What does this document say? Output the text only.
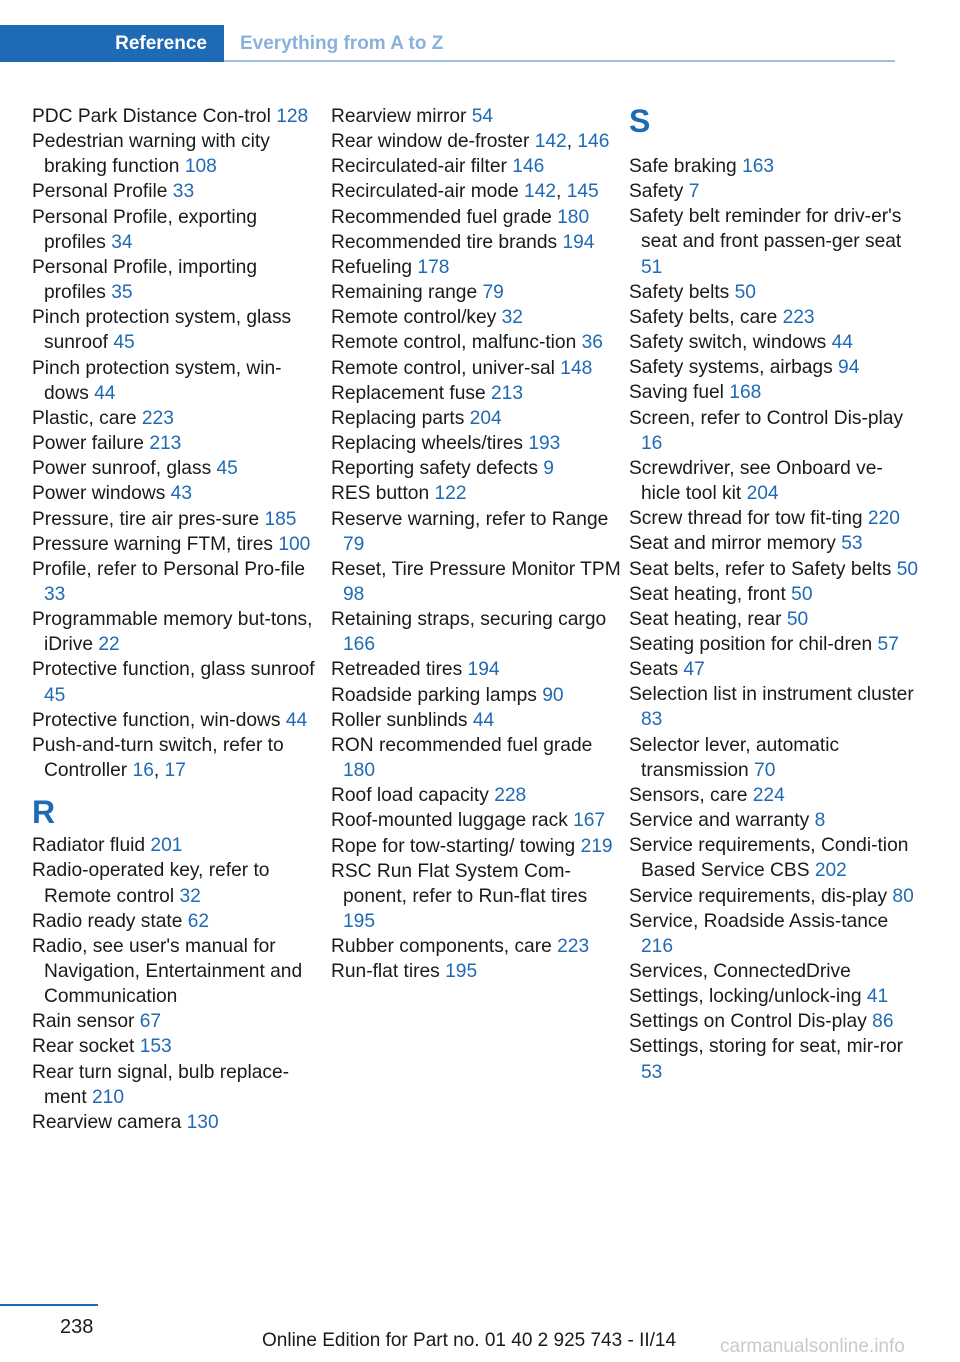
Reference	Everything from A to Z
PDC Park Distance Con-trol 128
Pedestrian warning with city braking function 108
Personal Profile 33
Personal Profile, exporting profiles 34
Personal Profile, importing profiles 35
Pinch protection system, glass sunroof 45
Pinch protection system, win-dows 44
Plastic, care 223
Power failure 213
Power sunroof, glass 45
Power windows 43
Pressure, tire air pres-sure 185
Pressure warning FTM, tires 100
Profile, refer to Personal Pro-file 33
Programmable memory but-tons, iDrive 22
Protective function, glass sunroof 45
Protective function, win-dows 44
Push-and-turn switch, refer to Controller 16, 17
R
Radiator fluid 201
Radio-operated key, refer to Remote control 32
Radio ready state 62
Radio, see user's manual for Navigation, Entertainment and Communication
Rain sensor 67
Rear socket 153
Rear turn signal, bulb replace-ment 210
Rearview camera 130
Rearview mirror 54
Rear window de-froster 142, 146
Recirculated-air filter 146
Recirculated-air mode 142, 145
Recommended fuel grade 180
Recommended tire brands 194
Refueling 178
Remaining range 79
Remote control/key 32
Remote control, malfunc-tion 36
Remote control, univer-sal 148
Replacement fuse 213
Replacing parts 204
Replacing wheels/tires 193
Reporting safety defects 9
RES button 122
Reserve warning, refer to Range 79
Reset, Tire Pressure Monitor TPM 98
Retaining straps, securing cargo 166
Retreaded tires 194
Roadside parking lamps 90
Roller sunblinds 44
RON recommended fuel grade 180
Roof load capacity 228
Roof-mounted luggage rack 167
Rope for tow-starting/ towing 219
RSC Run Flat System Com-ponent, refer to Run-flat tires 195
Rubber components, care 223
Run-flat tires 195
S
Safe braking 163
Safety 7
Safety belt reminder for driv-er's seat and front passen-ger seat 51
Safety belts 50
Safety belts, care 223
Safety switch, windows 44
Safety systems, airbags 94
Saving fuel 168
Screen, refer to Control Dis-play 16
Screwdriver, see Onboard ve-hicle tool kit 204
Screw thread for tow fit-ting 220
Seat and mirror memory 53
Seat belts, refer to Safety belts 50
Seat heating, front 50
Seat heating, rear 50
Seating position for chil-dren 57
Seats 47
Selection list in instrument cluster 83
Selector lever, automatic transmission 70
Sensors, care 224
Service and warranty 8
Service requirements, Condi-tion Based Service CBS 202
Service requirements, dis-play 80
Service, Roadside Assis-tance 216
Services, ConnectedDrive
Settings, locking/unlock-ing 41
Settings on Control Dis-play 86
Settings, storing for seat, mir-ror 53
238
Online Edition for Part no. 01 40 2 925 743 - II/14 carmanualsonline.info
